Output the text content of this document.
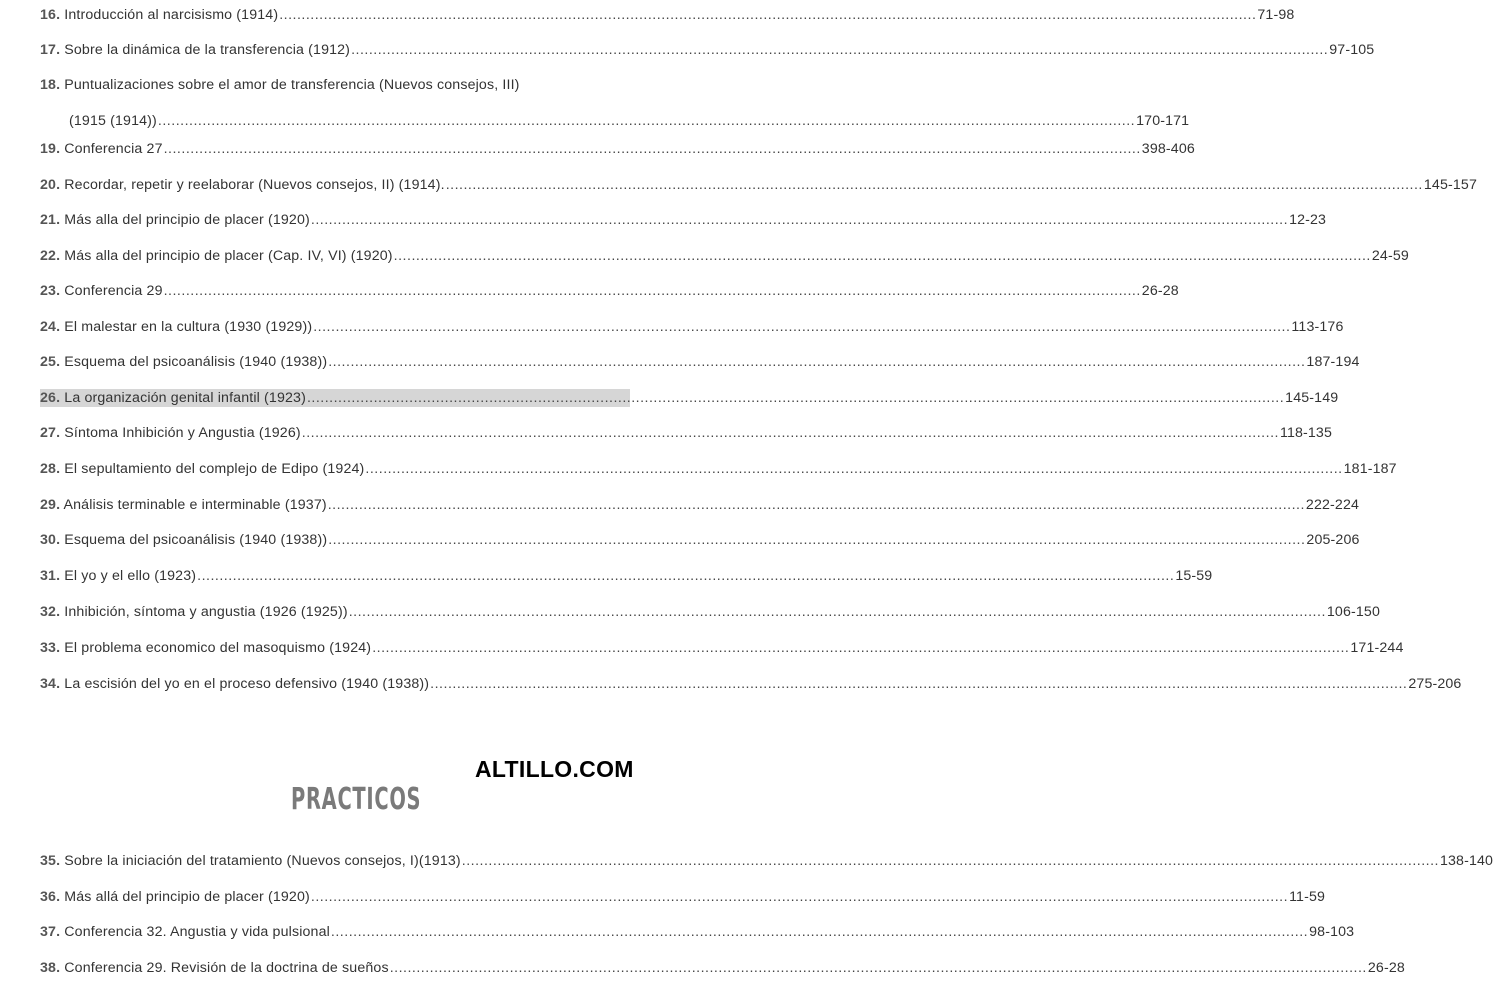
16. Introducción al narcisismo (1914) ............................................................................................................................................................................................................................ 71-98
17. Sobre la dinámica de la transferencia (1912) ............................................................................................................................................................................................................................ 97-105
18. Puntualizaciones sobre el amor de transferencia (Nuevos consejos, III)
(1915 (1914)) ............................................................................................................................................................................................................................ 170-171
19. Conferencia 27 ............................................................................................................................................................................................................................ 398-406
20. Recordar, repetir y reelaborar (Nuevos consejos, II) (1914). ............................................................................................................................................................................................................................ 145-157
21. Más alla del principio de placer (1920) ............................................................................................................................................................................................................................ 12-23
22. Más alla del principio de placer (Cap. IV, VI) (1920) ............................................................................................................................................................................................................................ 24-59
23. Conferencia 29 ............................................................................................................................................................................................................................ 26-28
24. El malestar en la cultura (1930 (1929)) ............................................................................................................................................................................................................................ 113-176
25. Esquema del psicoanálisis (1940 (1938)) ............................................................................................................................................................................................................................ 187-194
26. La organización genital infantil (1923) ............................................................................................................................................................................................................................ 145-149
27. Síntoma Inhibición y Angustia (1926) ............................................................................................................................................................................................................................ 118-135
28. El sepultamiento del complejo de Edipo (1924) ............................................................................................................................................................................................................................ 181-187
29. Análisis terminable e interminable (1937) ............................................................................................................................................................................................................................ 222-224
30. Esquema del psicoanálisis (1940 (1938)) ............................................................................................................................................................................................................................ 205-206
31. El yo y el ello (1923) ............................................................................................................................................................................................................................ 15-59
32. Inhibición, síntoma y angustia (1926 (1925)) ............................................................................................................................................................................................................................ 106-150
33. El problema economico del masoquismo (1924) ............................................................................................................................................................................................................................ 171-244
34. La escisión del yo en el proceso defensivo (1940 (1938)) ............................................................................................................................................................................................................................ 275-206
ALTILLO.COM
PRACTICOS
35. Sobre la iniciación del tratamiento (Nuevos consejos, I)(1913) ............................................................................................................................................................................................................................ 138-140
36. Más allá del principio de placer (1920) ............................................................................................................................................................................................................................ 11-59
37. Conferencia 32. Angustia y vida pulsional ............................................................................................................................................................................................................................ 98-103
38. Conferencia 29. Revisión de la doctrina de sueños ............................................................................................................................................................................................................................ 26-28
